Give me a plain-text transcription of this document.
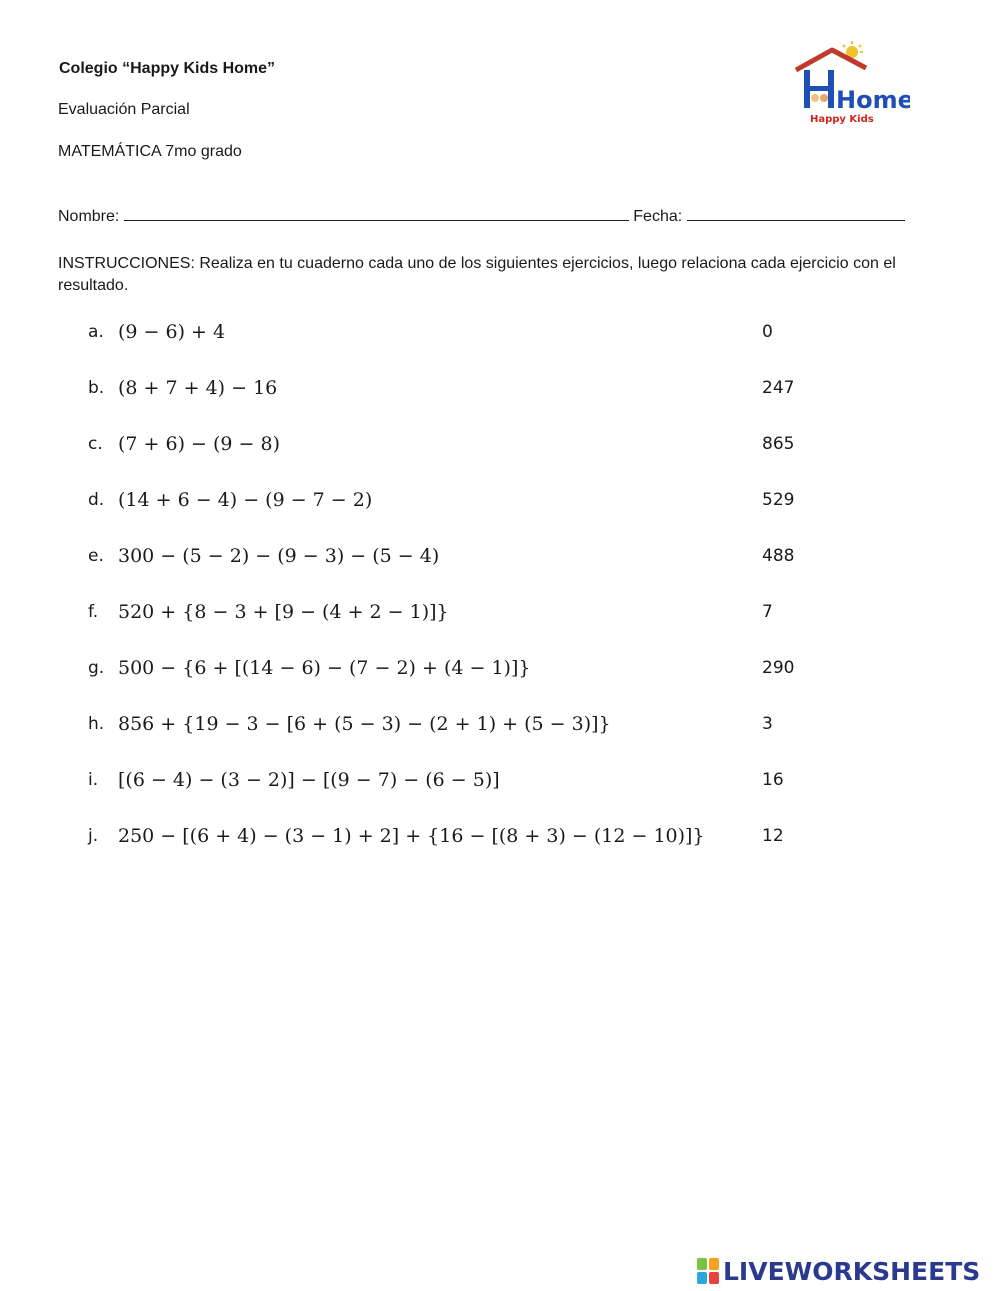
Colegio “Happy Kids Home”
Evaluación Parcial
MATEMÁTICA 7mo grado
Home
Happy Kids
Nombre:	Fecha:
INSTRUCCIONES: Realiza en tu cuaderno cada uno de los siguientes ejercicios, luego relaciona cada ejercicio con el resultado.
a. (9 − 6) + 4	0
b. (8 + 7 + 4) − 16	247
c. (7 + 6) − (9 − 8)	865
d. (14 + 6 − 4) − (9 − 7 − 2)	529
e. 300 − (5 − 2) − (9 − 3) − (5 − 4)	488
f. 520 + {8 − 3 + [9 − (4 + 2 − 1)]}	7
g. 500 − {6 + [(14 − 6) − (7 − 2) + (4 − 1)]}	290
h. 856 + {19 − 3 − [6 + (5 − 3) − (2 + 1) + (5 − 3)]}	3
i. [(6 − 4) − (3 − 2)] − [(9 − 7) − (6 − 5)]	16
j. 250 − [(6 + 4) − (3 − 1) + 2] + {16 − [(8 + 3) − (12 − 10)]}	12
LIVEWORKSHEETS
